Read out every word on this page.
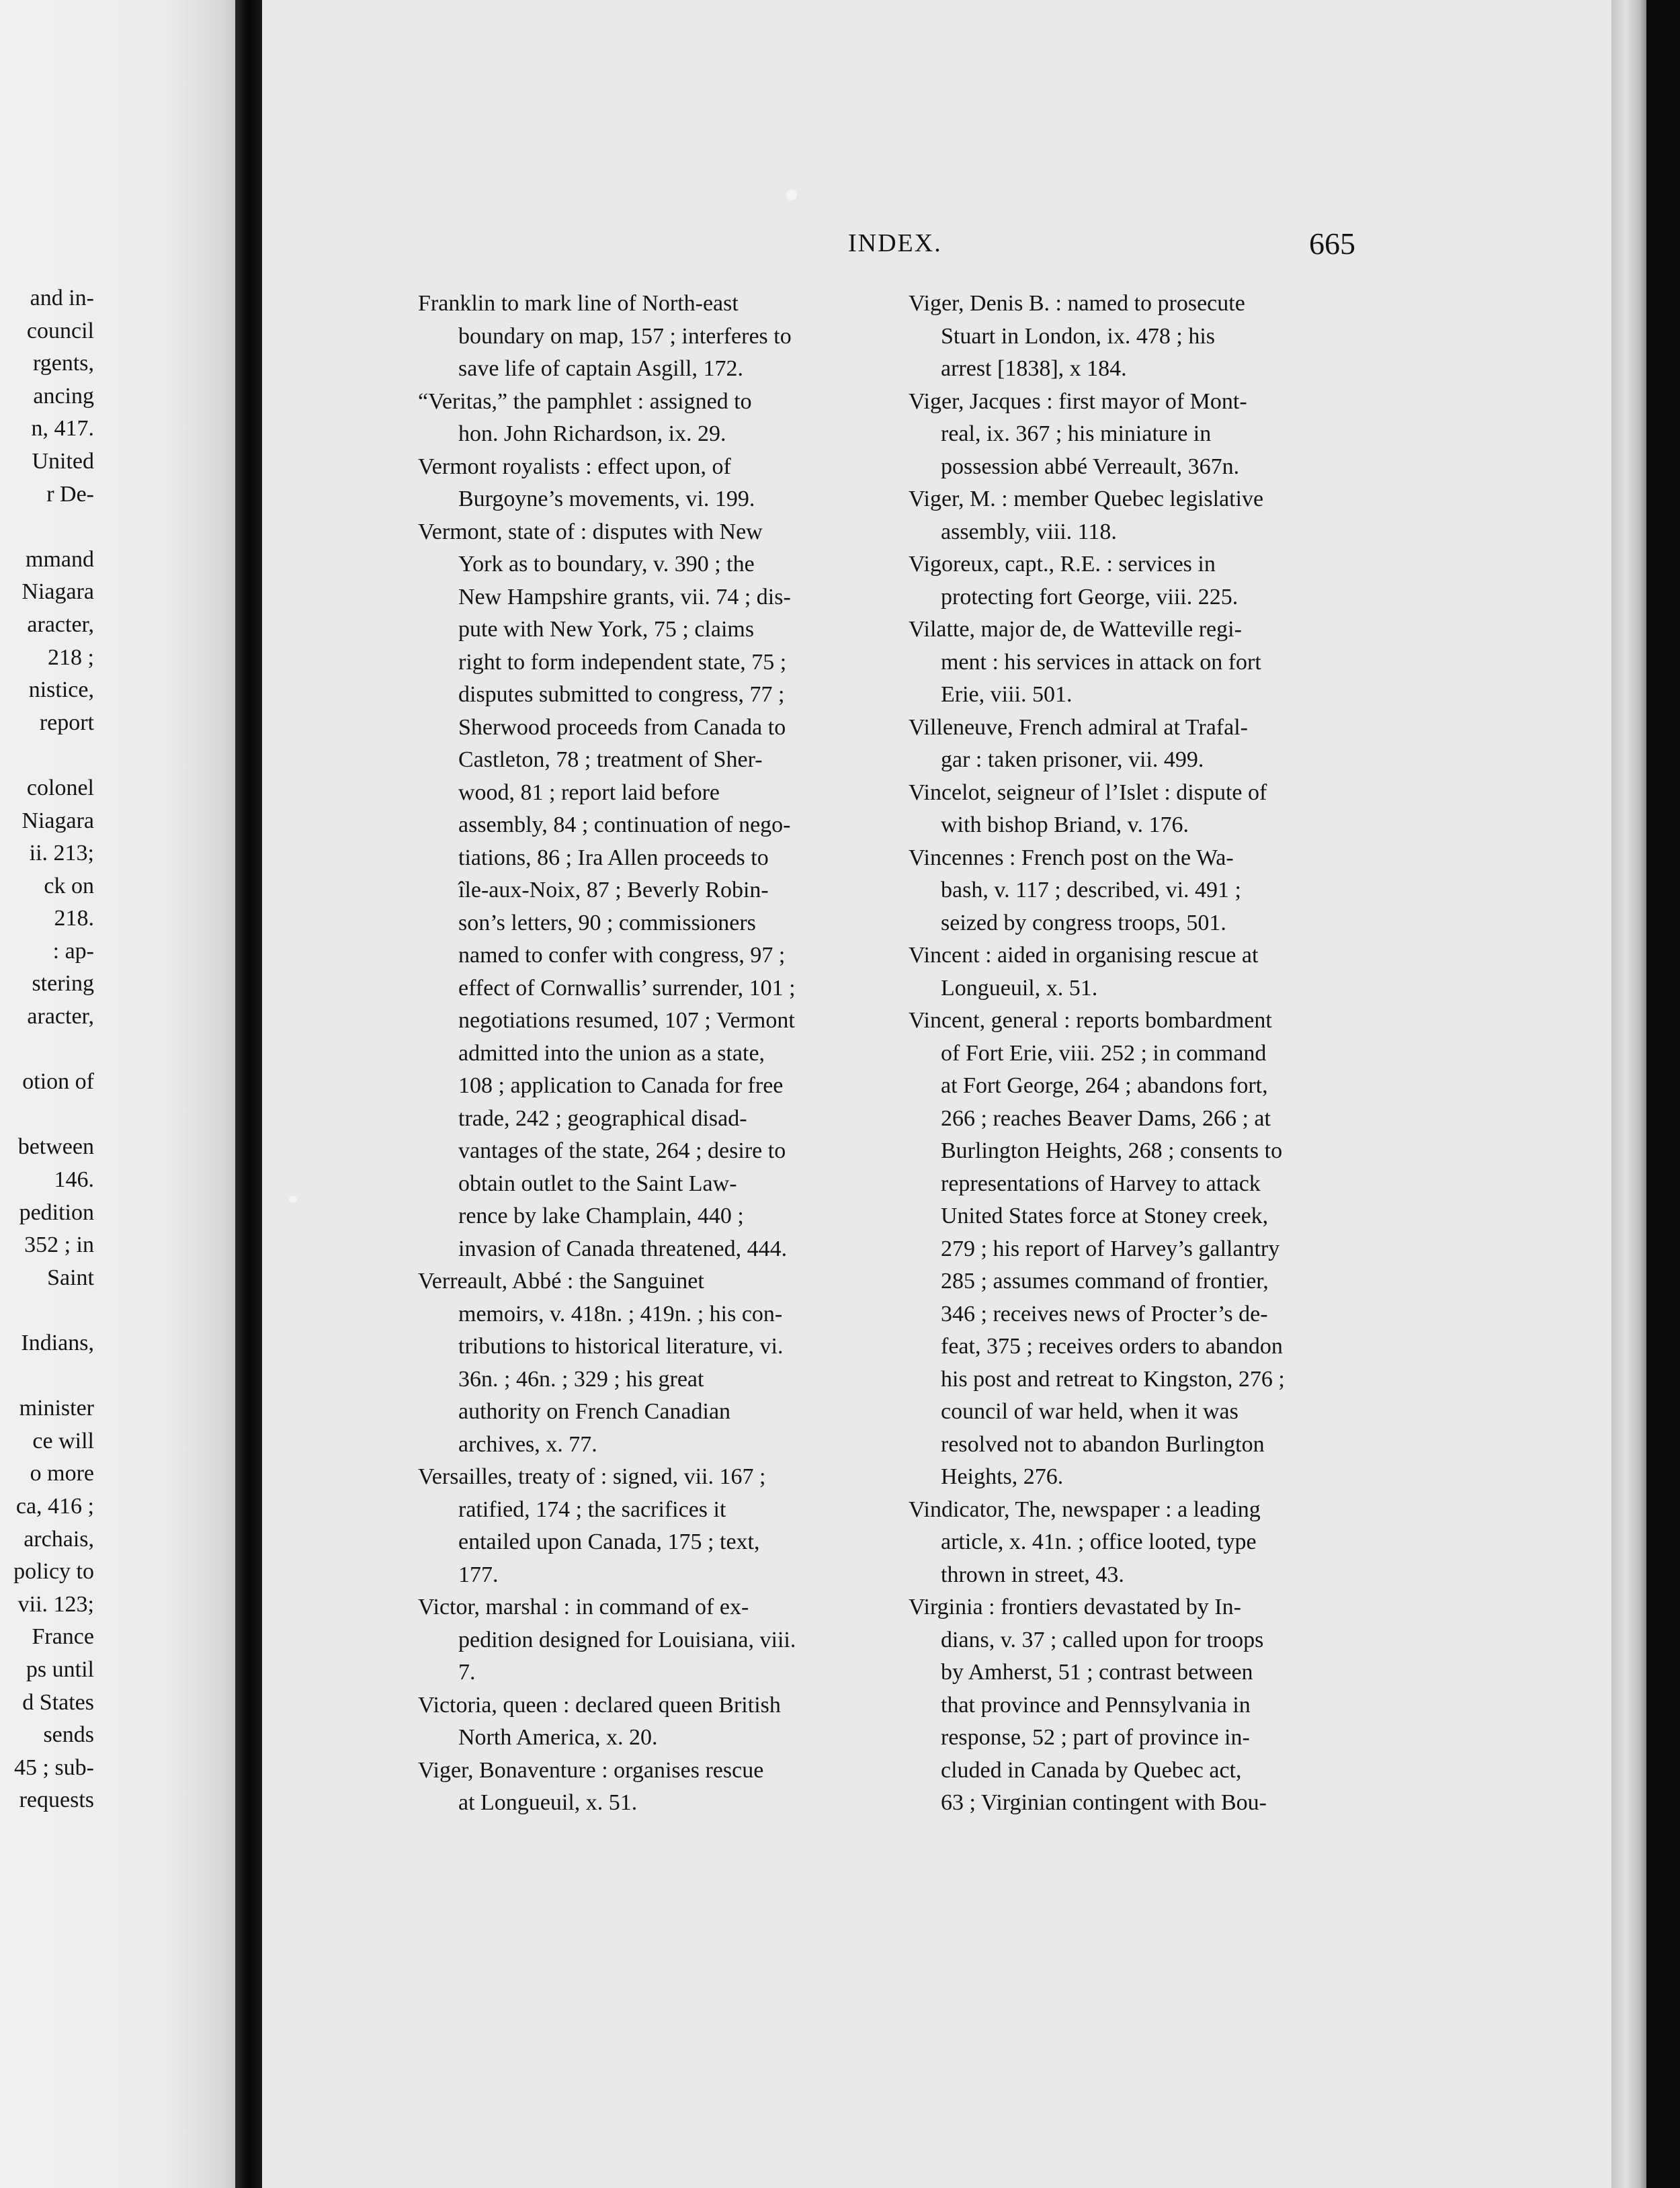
and in-
council
rgents,
ancing
n, 417.
United
r De-
mmand
Niagara
aracter,
218 ;
nistice,
report
colonel
Niagara
ii. 213;
ck on
218.
: ap-
stering
aracter,
otion of
between
146.
pedition
352 ; in
Saint
Indians,
minister
ce will
o more
ca, 416 ;
archais,
policy to
vii. 123;
France
ps until
d States
sends
45 ; sub-
requests
INDEX.	665
Franklin to mark line of North-east
boundary on map, 157 ; interferes to
save life of captain Asgill, 172.
“Veritas,” the pamphlet : assigned to
hon. John Richardson, ix. 29.
Vermont royalists : effect upon, of
Burgoyne’s movements, vi. 199.
Vermont, state of : disputes with New
York as to boundary, v. 390 ; the
New Hampshire grants, vii. 74 ; dis-
pute with New York, 75 ; claims
right to form independent state, 75 ;
disputes submitted to congress, 77 ;
Sherwood proceeds from Canada to
Castleton, 78 ; treatment of Sher-
wood, 81 ; report laid before
assembly, 84 ; continuation of nego-
tiations, 86 ; Ira Allen proceeds to
île-aux-Noix, 87 ; Beverly Robin-
son’s letters, 90 ; commissioners
named to confer with congress, 97 ;
effect of Cornwallis’ surrender, 101 ;
negotiations resumed, 107 ; Vermont
admitted into the union as a state,
108 ; application to Canada for free
trade, 242 ; geographical disad-
vantages of the state, 264 ; desire to
obtain outlet to the Saint Law-
rence by lake Champlain, 440 ;
invasion of Canada threatened, 444.
Verreault, Abbé : the Sanguinet
memoirs, v. 418n. ; 419n. ; his con-
tributions to historical literature, vi.
36n. ; 46n. ; 329 ; his great
authority on French Canadian
archives, x. 77.
Versailles, treaty of : signed, vii. 167 ;
ratified, 174 ; the sacrifices it
entailed upon Canada, 175 ; text,
177.
Victor, marshal : in command of ex-
pedition designed for Louisiana, viii.
7.
Victoria, queen : declared queen British
North America, x. 20.
Viger, Bonaventure : organises rescue
at Longueuil, x. 51.
Viger, Denis B. : named to prosecute
Stuart in London, ix. 478 ; his
arrest [1838], x 184.
Viger, Jacques : first mayor of Mont-
real, ix. 367 ; his miniature in
possession abbé Verreault, 367n.
Viger, M. : member Quebec legislative
assembly, viii. 118.
Vigoreux, capt., R.E. : services in
protecting fort George, viii. 225.
Vilatte, major de, de Watteville regi-
ment : his services in attack on fort
Erie, viii. 501.
Villeneuve, French admiral at Trafal-
gar : taken prisoner, vii. 499.
Vincelot, seigneur of l’Islet : dispute of
with bishop Briand, v. 176.
Vincennes : French post on the Wa-
bash, v. 117 ; described, vi. 491 ;
seized by congress troops, 501.
Vincent : aided in organising rescue at
Longueuil, x. 51.
Vincent, general : reports bombardment
of Fort Erie, viii. 252 ; in command
at Fort George, 264 ; abandons fort,
266 ; reaches Beaver Dams, 266 ; at
Burlington Heights, 268 ; consents to
representations of Harvey to attack
United States force at Stoney creek,
279 ; his report of Harvey’s gallantry
285 ; assumes command of frontier,
346 ; receives news of Procter’s de-
feat, 375 ; receives orders to abandon
his post and retreat to Kingston, 276 ;
council of war held, when it was
resolved not to abandon Burlington
Heights, 276.
Vindicator, The, newspaper : a leading
article, x. 41n. ; office looted, type
thrown in street, 43.
Virginia : frontiers devastated by In-
dians, v. 37 ; called upon for troops
by Amherst, 51 ; contrast between
that province and Pennsylvania in
response, 52 ; part of province in-
cluded in Canada by Quebec act,
63 ; Virginian contingent with Bou-
